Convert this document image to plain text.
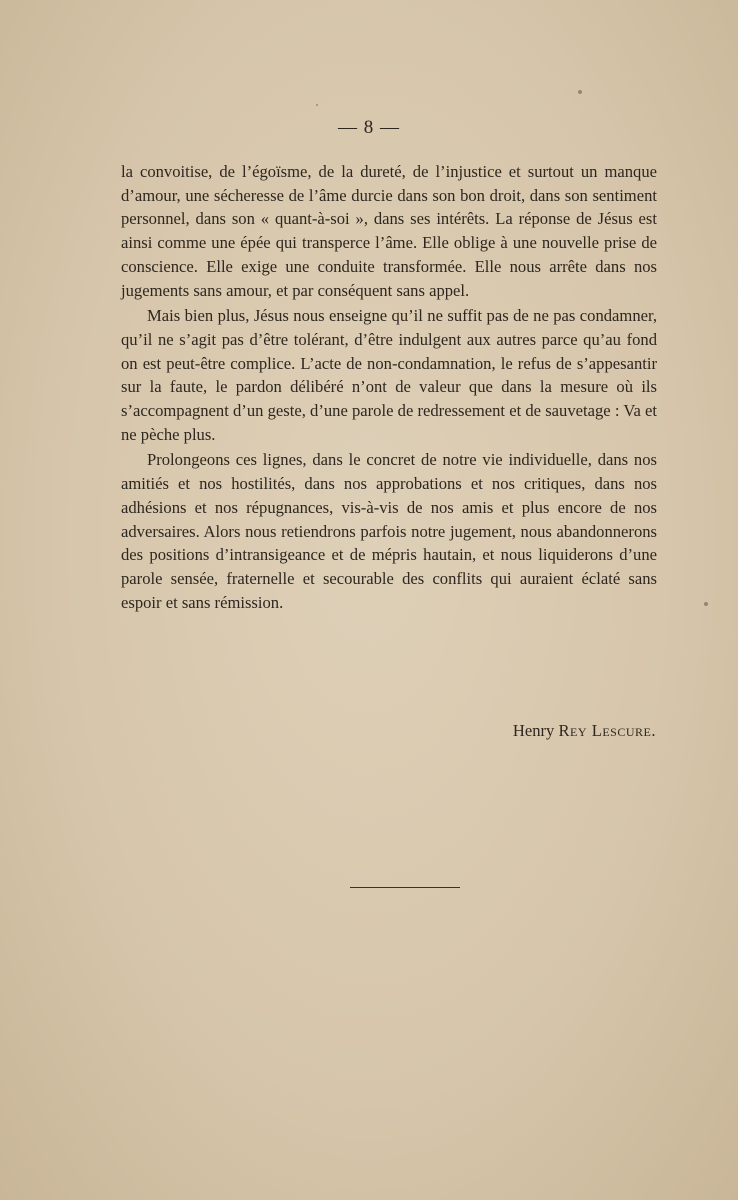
— 8 —

la convoitise, de l’égoïsme, de la dureté, de l’injustice et surtout un manque d’amour, une sécheresse de l’âme durcie dans son bon droit, dans son sentiment personnel, dans son « quant-à-soi », dans ses intérêts. La réponse de Jésus est ainsi comme une épée qui transperce l’âme. Elle oblige à une nouvelle prise de conscience. Elle exige une conduite transformée. Elle nous arrête dans nos jugements sans amour, et par conséquent sans appel.

Mais bien plus, Jésus nous enseigne qu’il ne suffit pas de ne pas condamner, qu’il ne s’agit pas d’être tolérant, d’être indulgent aux autres parce qu’au fond on est peut-être complice. L’acte de non-condamnation, le refus de s’appesantir sur la faute, le pardon délibéré n’ont de valeur que dans la mesure où ils s’accompagnent d’un geste, d’une parole de redressement et de sauvetage : Va et ne pèche plus.

Prolongeons ces lignes, dans le concret de notre vie individuelle, dans nos amitiés et nos hostilités, dans nos approbations et nos critiques, dans nos adhésions et nos répugnances, vis-à-vis de nos amis et plus encore de nos adversaires. Alors nous retiendrons parfois notre jugement, nous abandonnerons des positions d’intransigeance et de mépris hautain, et nous liquiderons d’une parole sensée, fraternelle et secourable des conflits qui auraient éclaté sans espoir et sans rémission.

Henry Rey Lescure.
